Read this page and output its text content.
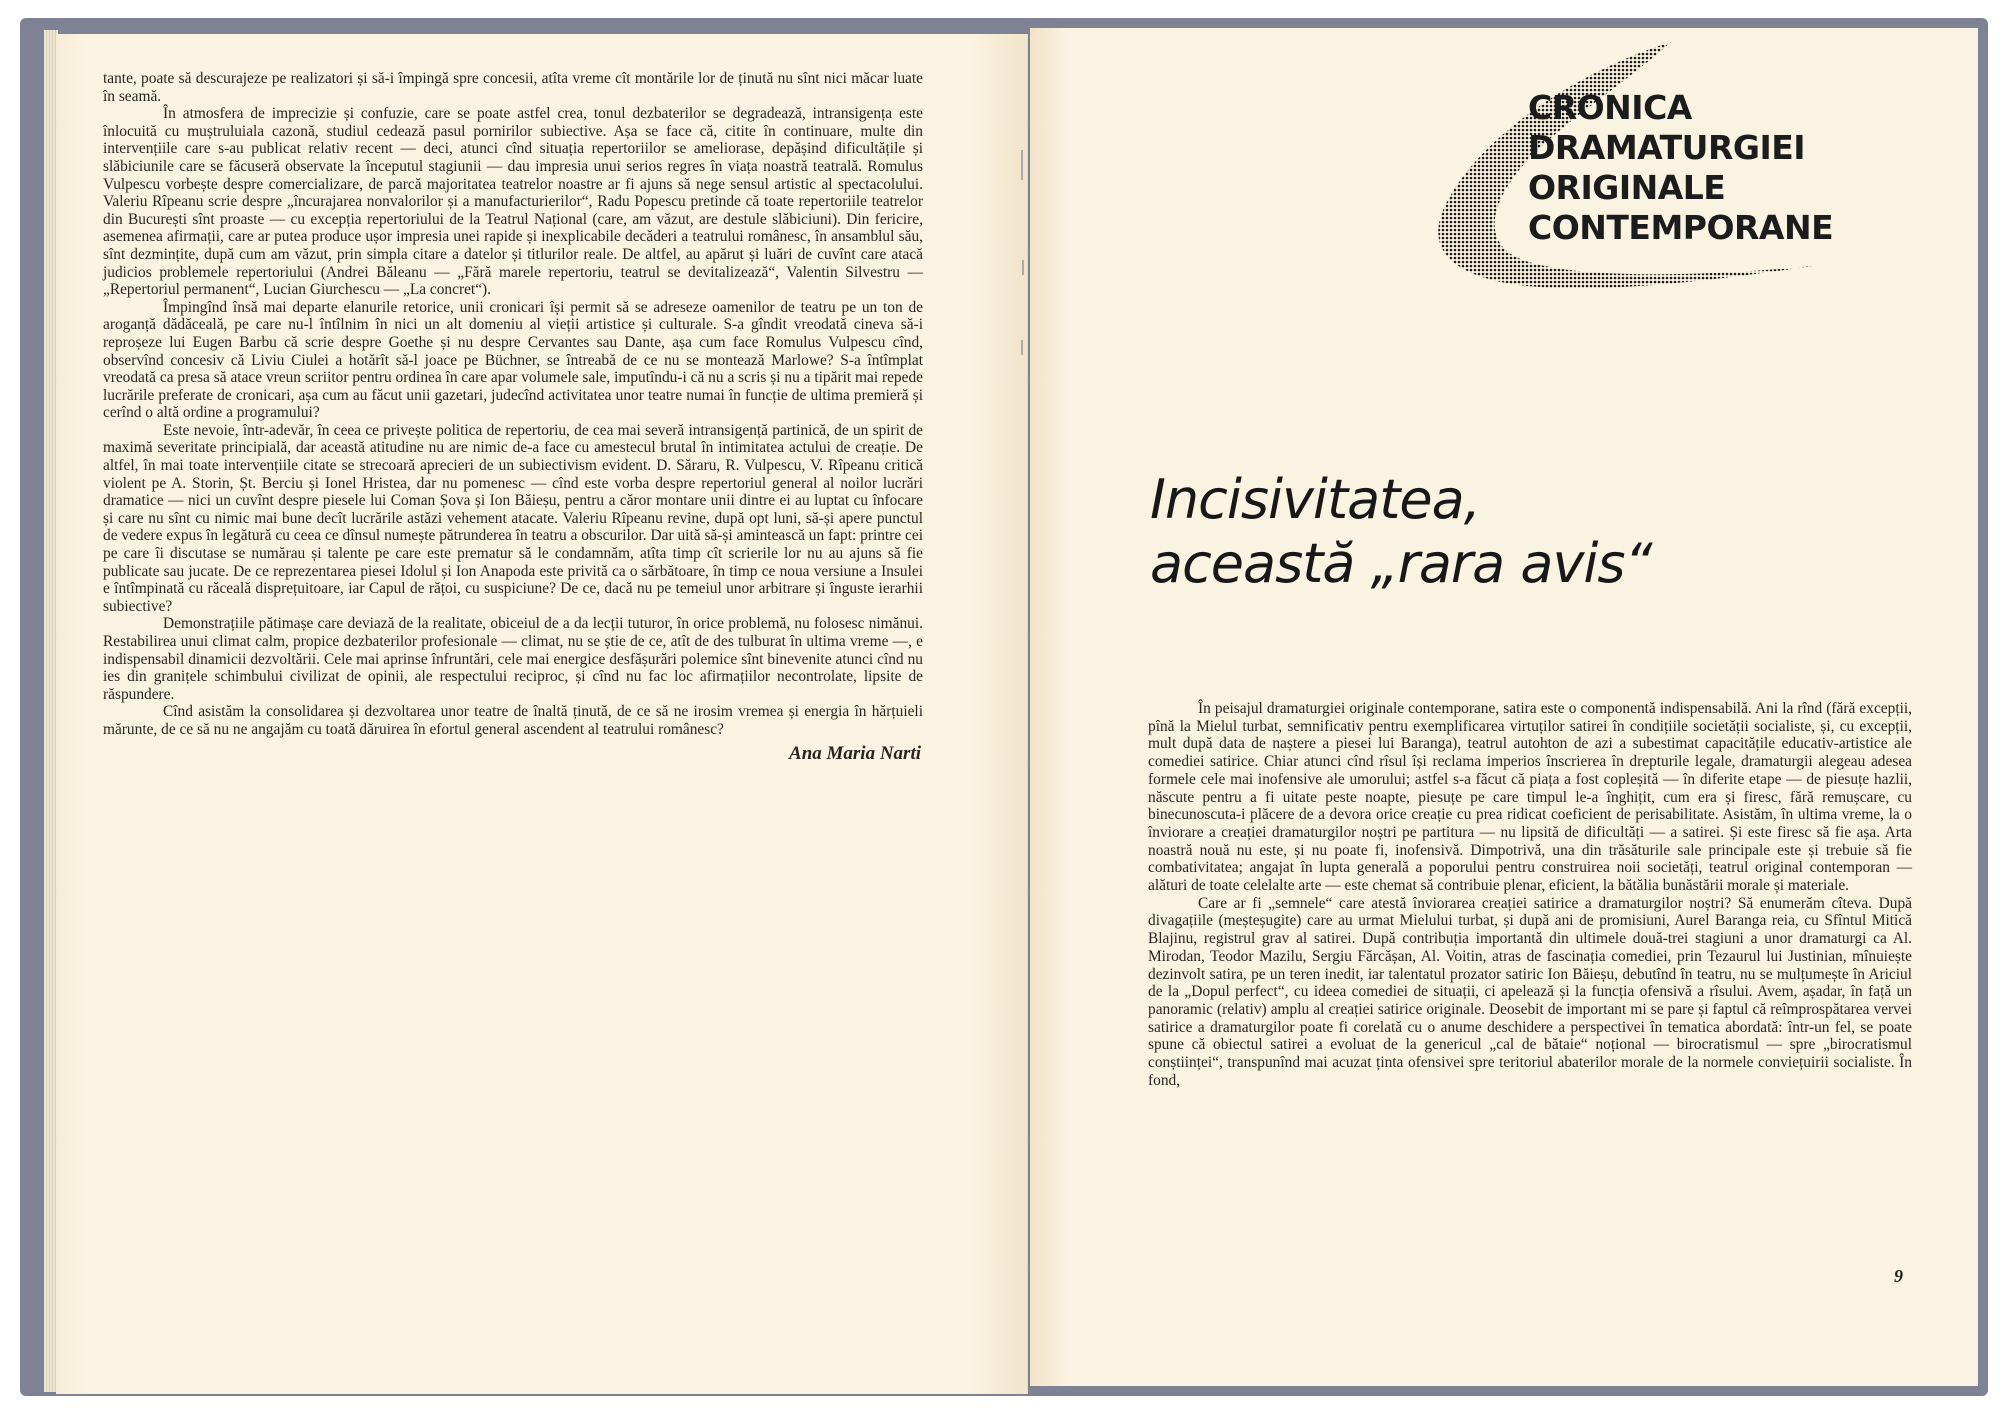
tante, poate să descurajeze pe realizatori și să-i împingă spre concesii, atîta vreme cît montările lor de ținută nu sînt nici măcar luate în seamă.

În atmosfera de imprecizie și confuzie, care se poate astfel crea, tonul dezbaterilor se degradează, intransigența este înlocuită cu muștruluiala cazonă, studiul cedează pasul pornirilor subiective. Așa se face că, citite în continuare, multe din intervențiile care s-au publicat relativ recent — deci, atunci cînd situația repertoriilor se ameliorase, depășind dificultățile și slăbiciunile care se făcuseră observate la începutul stagiunii — dau impresia unui serios regres în viața noastră teatrală. Romulus Vulpescu vorbește despre comercializare, de parcă majoritatea teatrelor noastre ar fi ajuns să nege sensul artistic al spectacolului. Valeriu Rîpeanu scrie despre „încurajarea nonvalorilor și a manufacturierilor“, Radu Popescu pretinde că toate repertoriile teatrelor din București sînt proaste — cu excepția repertoriului de la Teatrul Național (care, am văzut, are destule slăbiciuni). Din fericire, asemenea afirmații, care ar putea produce ușor impresia unei rapide și inexplicabile decăderi a teatrului românesc, în ansamblul său, sînt dezmințite, după cum am văzut, prin simpla citare a datelor și titlurilor reale. De altfel, au apărut și luări de cuvînt care atacă judicios problemele repertoriului (Andrei Băleanu — „Fără marele repertoriu, teatrul se devitalizează“, Valentin Silvestru — „Repertoriul permanent“, Lucian Giurchescu — „La concret“).

Împingînd însă mai departe elanurile retorice, unii cronicari își permit să se adreseze oamenilor de teatru pe un ton de aroganță dădăceală, pe care nu-l întîlnim în nici un alt domeniu al vieții artistice și culturale. S-a gîndit vreodată cineva să-i reproșeze lui Eugen Barbu că scrie despre Goethe și nu despre Cervantes sau Dante, așa cum face Romulus Vulpescu cînd, observînd concesiv că Liviu Ciulei a hotărît să-l joace pe Büchner, se întreabă de ce nu se montează Marlowe? S-a întîmplat vreodată ca presa să atace vreun scriitor pentru ordinea în care apar volumele sale, imputîndu-i că nu a scris și nu a tipărit mai repede lucrările preferate de cronicari, așa cum au făcut unii gazetari, judecînd activitatea unor teatre numai în funcție de ultima premieră și cerînd o altă ordine a programului?

Este nevoie, într-adevăr, în ceea ce privește politica de repertoriu, de cea mai severă intransigență partinică, de un spirit de maximă severitate principială, dar această atitudine nu are nimic de-a face cu amestecul brutal în intimitatea actului de creație. De altfel, în mai toate intervențiile citate se strecoară aprecieri de un subiectivism evident. D. Săraru, R. Vulpescu, V. Rîpeanu critică violent pe A. Storin, Șt. Berciu și Ionel Hristea, dar nu pomenesc — cînd este vorba despre repertoriul general al noilor lucrări dramatice — nici un cuvînt despre piesele lui Coman Șova și Ion Băieșu, pentru a căror montare unii dintre ei au luptat cu înfocare și care nu sînt cu nimic mai bune decît lucrările astăzi vehement atacate. Valeriu Rîpeanu revine, după opt luni, să-și apere punctul de vedere expus în legătură cu ceea ce dînsul numește pătrunderea în teatru a obscurilor. Dar uită să-și amintească un fapt: printre cei pe care îi discutase se numărau și talente pe care este prematur să le condamnăm, atîta timp cît scrierile lor nu au ajuns să fie publicate sau jucate. De ce reprezentarea piesei Idolul și Ion Anapoda este privită ca o sărbătoare, în timp ce noua versiune a Insulei e întîmpinată cu răceală disprețuitoare, iar Capul de rățoi, cu suspiciune? De ce, dacă nu pe temeiul unor arbitrare și înguste ierarhii subiective?

Demonstrațiile pătimașe care deviază de la realitate, obiceiul de a da lecții tuturor, în orice problemă, nu folosesc nimănui. Restabilirea unui climat calm, propice dezbaterilor profesionale — climat, nu se știe de ce, atît de des tulburat în ultima vreme —, e indispensabil dinamicii dezvoltării. Cele mai aprinse înfruntări, cele mai energice desfășurări polemice sînt binevenite atunci cînd nu ies din granițele schimbului civilizat de opinii, ale respectului reciproc, și cînd nu fac loc afirmațiilor necontrolate, lipsite de răspundere.

Cînd asistăm la consolidarea și dezvoltarea unor teatre de înaltă ținută, de ce să ne irosim vremea și energia în hărțuieli mărunte, de ce să nu ne angajăm cu toată dăruirea în efortul general ascendent al teatrului românesc?

Ana Maria Narti
CRONICA
DRAMATURGIEI
ORIGINALE
CONTEMPORANE
Incisivitatea,
această „rara avis“

În peisajul dramaturgiei originale contemporane, satira este o componentă indispensabilă. Ani la rînd (fără excepții, pînă la Mielul turbat, semnificativ pentru exemplificarea virtuților satirei în condițiile societății socialiste, și, cu excepții, mult după data de naștere a piesei lui Baranga), teatrul autohton de azi a subestimat capacitățile educativ-artistice ale comediei satirice. Chiar atunci cînd rîsul își reclama imperios înscrierea în drepturile legale, dramaturgii alegeau adesea formele cele mai inofensive ale umorului; astfel s-a făcut că piața a fost copleșită — în diferite etape — de piesuțe hazlii, născute pentru a fi uitate peste noapte, piesuțe pe care timpul le-a înghițit, cum era și firesc, fără remușcare, cu binecunoscuta-i plăcere de a devora orice creație cu prea ridicat coeficient de perisabilitate. Asistăm, în ultima vreme, la o înviorare a creației dramaturgilor noștri pe partitura — nu lipsită de dificultăți — a satirei. Și este firesc să fie așa. Arta noastră nouă nu este, și nu poate fi, inofensivă. Dimpotrivă, una din trăsăturile sale principale este și trebuie să fie combativitatea; angajat în lupta generală a poporului pentru construirea noii societăți, teatrul original contemporan — alături de toate celelalte arte — este chemat să contribuie plenar, eficient, la bătălia bunăstării morale și materiale.

Care ar fi „semnele“ care atestă înviorarea creației satirice a dramaturgilor noștri? Să enumerăm cîteva. După divagațiile (meșteșugite) care au urmat Mielului turbat, și după ani de promisiuni, Aurel Baranga reia, cu Sfîntul Mitică Blajinu, registrul grav al satirei. După contribuția importantă din ultimele două-trei stagiuni a unor dramaturgi ca Al. Mirodan, Teodor Mazilu, Sergiu Fărcășan, Al. Voitin, atras de fascinația comediei, prin Tezaurul lui Justinian, mînuiește dezinvolt satira, pe un teren inedit, iar talentatul prozator satiric Ion Băieșu, debutînd în teatru, nu se mulțumește în Ariciul de la „Dopul perfect“, cu ideea comediei de situații, ci apelează și la funcția ofensivă a rîsului. Avem, așadar, în față un panoramic (relativ) amplu al creației satirice originale. Deosebit de important mi se pare și faptul că reîmprospătarea vervei satirice a dramaturgilor poate fi corelată cu o anume deschidere a perspectivei în tematica abordată: într-un fel, se poate spune că obiectul satirei a evoluat de la genericul „cal de bătaie“ noțional — birocratismul — spre „birocratismul conștiinței“, transpunînd mai acuzat ținta ofensivei spre teritoriul abaterilor morale de la normele conviețuirii socialiste. În fond,

9
